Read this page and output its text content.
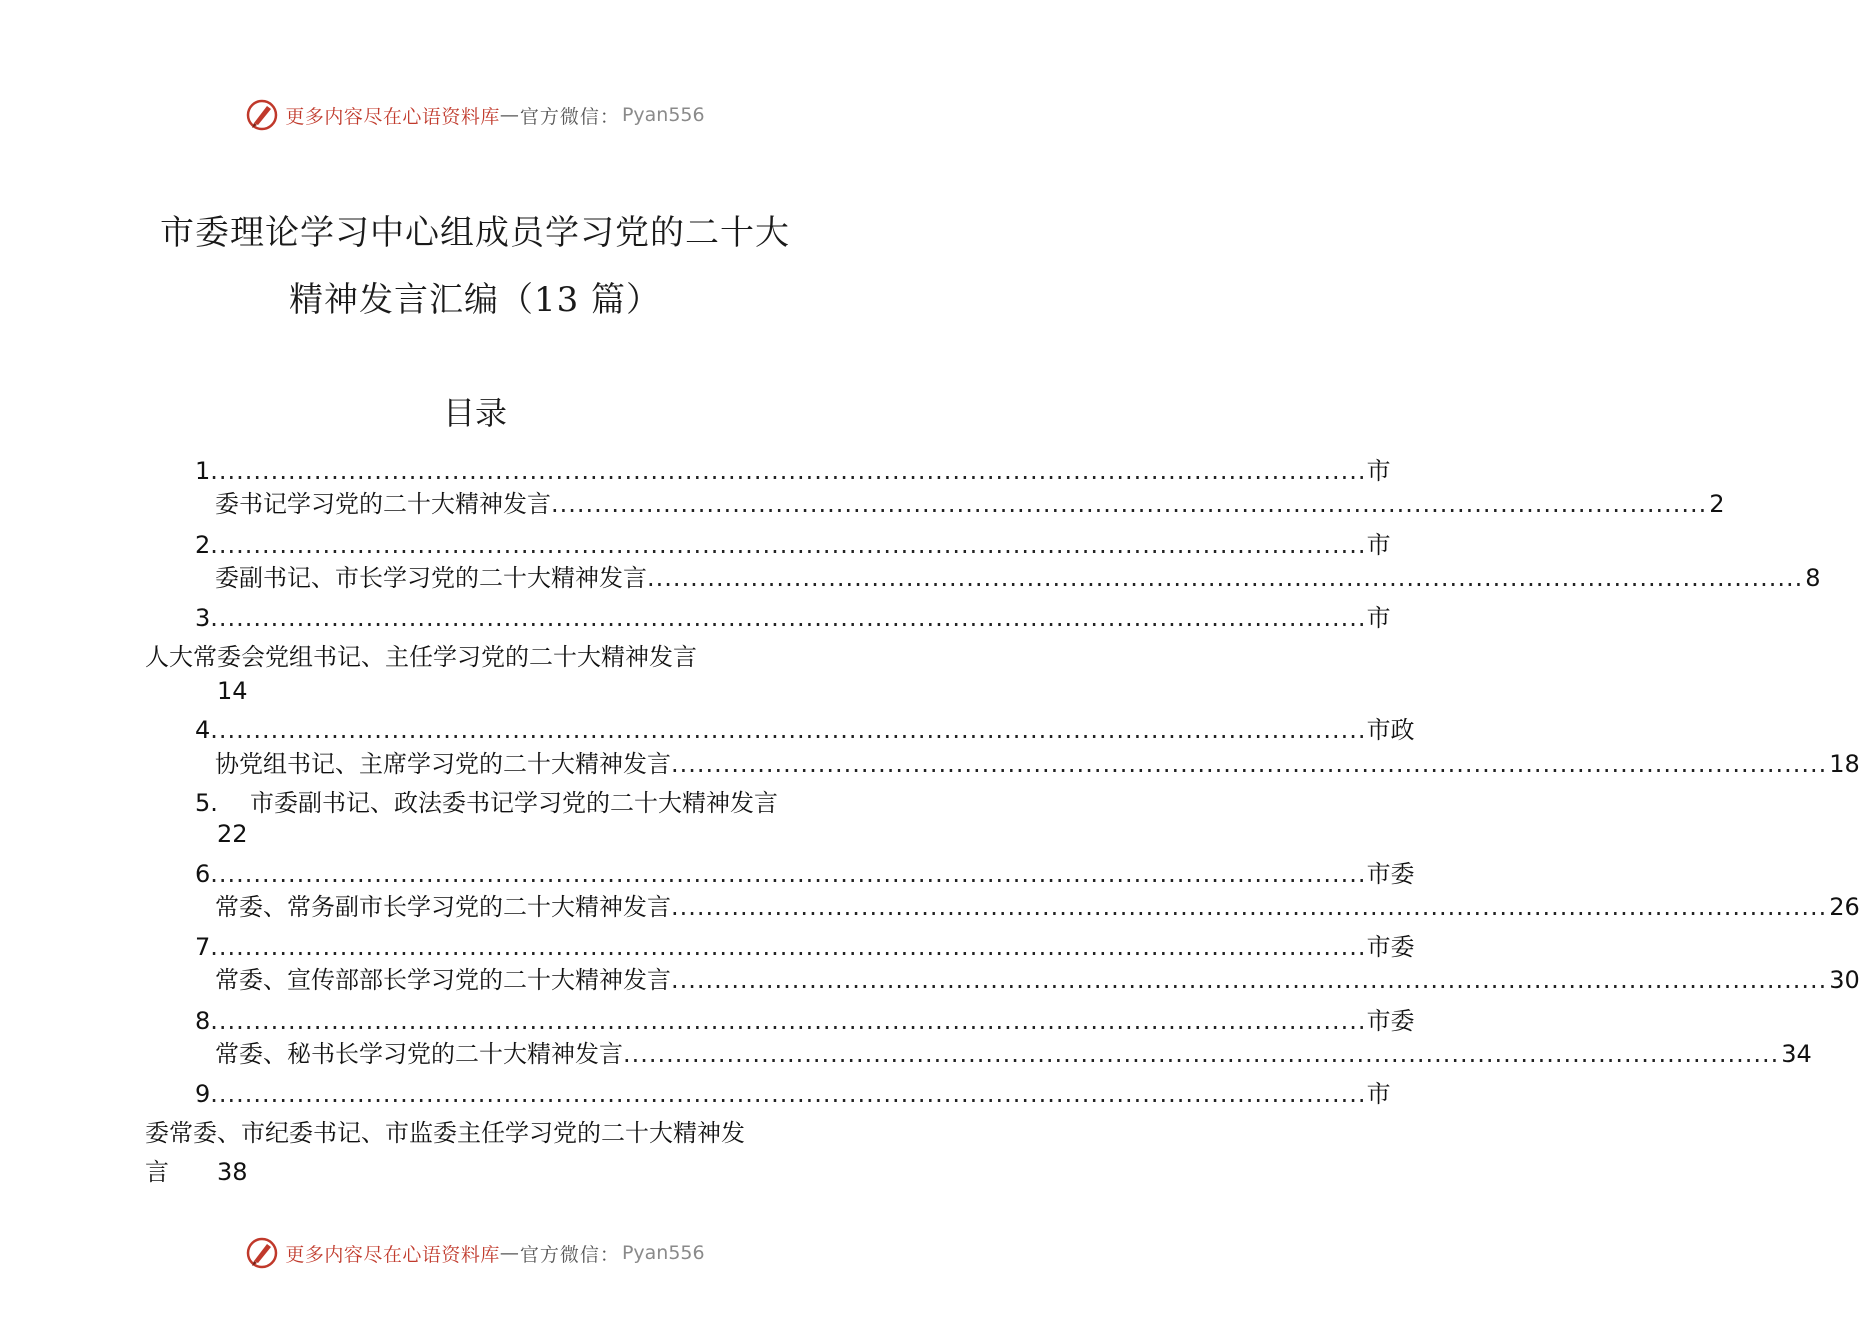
更多内容尽在心语资料库 — 官方微信： Pyan556
市委理论学习中心组成员学习党的二十大
精神发言汇编（13 篇）
目录
1 ...................................................................................................................................... 市
委书记学习党的二十大精神发言 ...................................................................................................................................... 2
2 ...................................................................................................................................... 市
委副书记、市长学习党的二十大精神发言 ...................................................................................................................................... 8
3 ...................................................................................................................................... 市
人大常委会党组书记、主任学习党的二十大精神发言
14
4 ...................................................................................................................................... 市政
协党组书记、主席学习党的二十大精神发言 ...................................................................................................................................... 18
5.	市委副书记、政法委书记学习党的二十大精神发言
22
6 ...................................................................................................................................... 市委
常委、常务副市长学习党的二十大精神发言 ...................................................................................................................................... 26
7 ...................................................................................................................................... 市委
常委、宣传部部长学习党的二十大精神发言 ...................................................................................................................................... 30
8 ...................................................................................................................................... 市委
常委、秘书长学习党的二十大精神发言 ...................................................................................................................................... 34
9 ...................................................................................................................................... 市
委常委、市纪委书记、市监委主任学习党的二十大精神发
言	38
更多内容尽在心语资料库 — 官方微信： Pyan556
